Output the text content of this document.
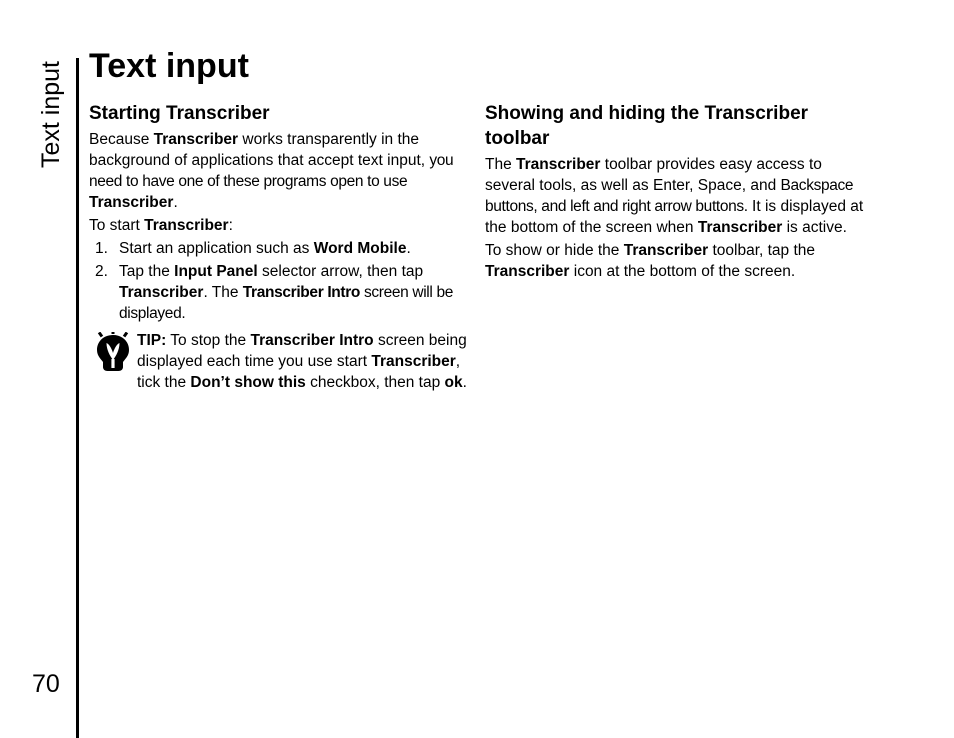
Text input
70
Text input
Starting Transcriber

Because Transcriber works transparently in the background of applications that accept text input, you need to have one of these programs open to use Transcriber.

To start Transcriber:

1. Start an application such as Word Mobile.
2. Tap the Input Panel selector arrow, then tap Transcriber. The Transcriber Intro screen will be displayed.
TIP: To stop the Transcriber Intro screen being displayed each time you use start Transcriber, tick the Don’t show this checkbox, then tap ok.
Showing and hiding the Transcriber toolbar

The Transcriber toolbar provides easy access to several tools, as well as Enter, Space, and Backspace buttons, and left and right arrow buttons. It is displayed at the bottom of the screen when Transcriber is active.

To show or hide the Transcriber toolbar, tap the Transcriber icon at the bottom of the screen.
